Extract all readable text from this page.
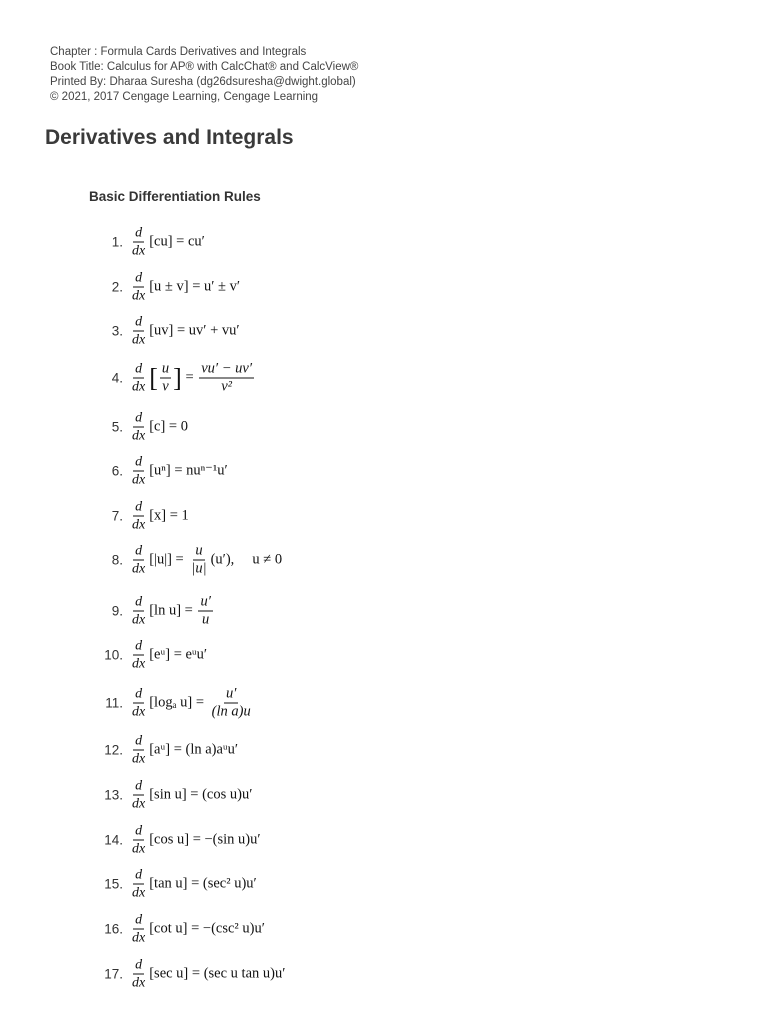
Chapter : Formula Cards Derivatives and Integrals
Book Title: Calculus for AP® with CalcChat® and CalcView®
Printed By: Dharaa Suresha (dg26dsuresha@dwight.global)
© 2021, 2017 Cengage Learning, Cengage Learning
Derivatives and Integrals
Basic Differentiation Rules
1. $\frac{d}{dx} [cu] = cu'$
2. $\frac{d}{dx} [u \pm v] = u' \pm v'$
3. $\frac{d}{dx} [uv] = uv' + vu'$
4. $\frac{d}{dx}$ [ $\frac{u}{v}$ ] = $\frac{vu' - uv'}{\text{v²}}$
5. $\frac{d}{dx} [c] = 0$
6. $\frac{d}{dx} [u^n] = nu^{n-1}u'$
7. $\frac{d}{dx} [x] = 1$
8. $\frac{d}{dx} [|u|] = \frac{u}{|u|} (u')$,     u ≠ 0
9. $\frac{d}{dx} [\ln$ $u] = \frac{u'}{u}$
10. $\frac{d}{dx}$ [eᵘ] = eᵘu′
11. $\frac{d}{dx} [\log_a$ $u] = \frac{u'}{\text{(ln a)u}}$
12. $\frac{d}{dx}$ [aᵘ] = (ln a)aᵘu′
13. $\frac{d}{dx} [\sin$ u] = (cos u)u′
14. $\frac{d}{dx} [\cos$ u] = −(sin u)u′
15. $\frac{d}{dx} [\tan$ u] = (sec² u)u′
16. $\frac{d}{dx} [\cot$ u] = −(csc² u)u′
17. $\frac{d}{dx} [\sec$ u] = (sec u tan u)u′
